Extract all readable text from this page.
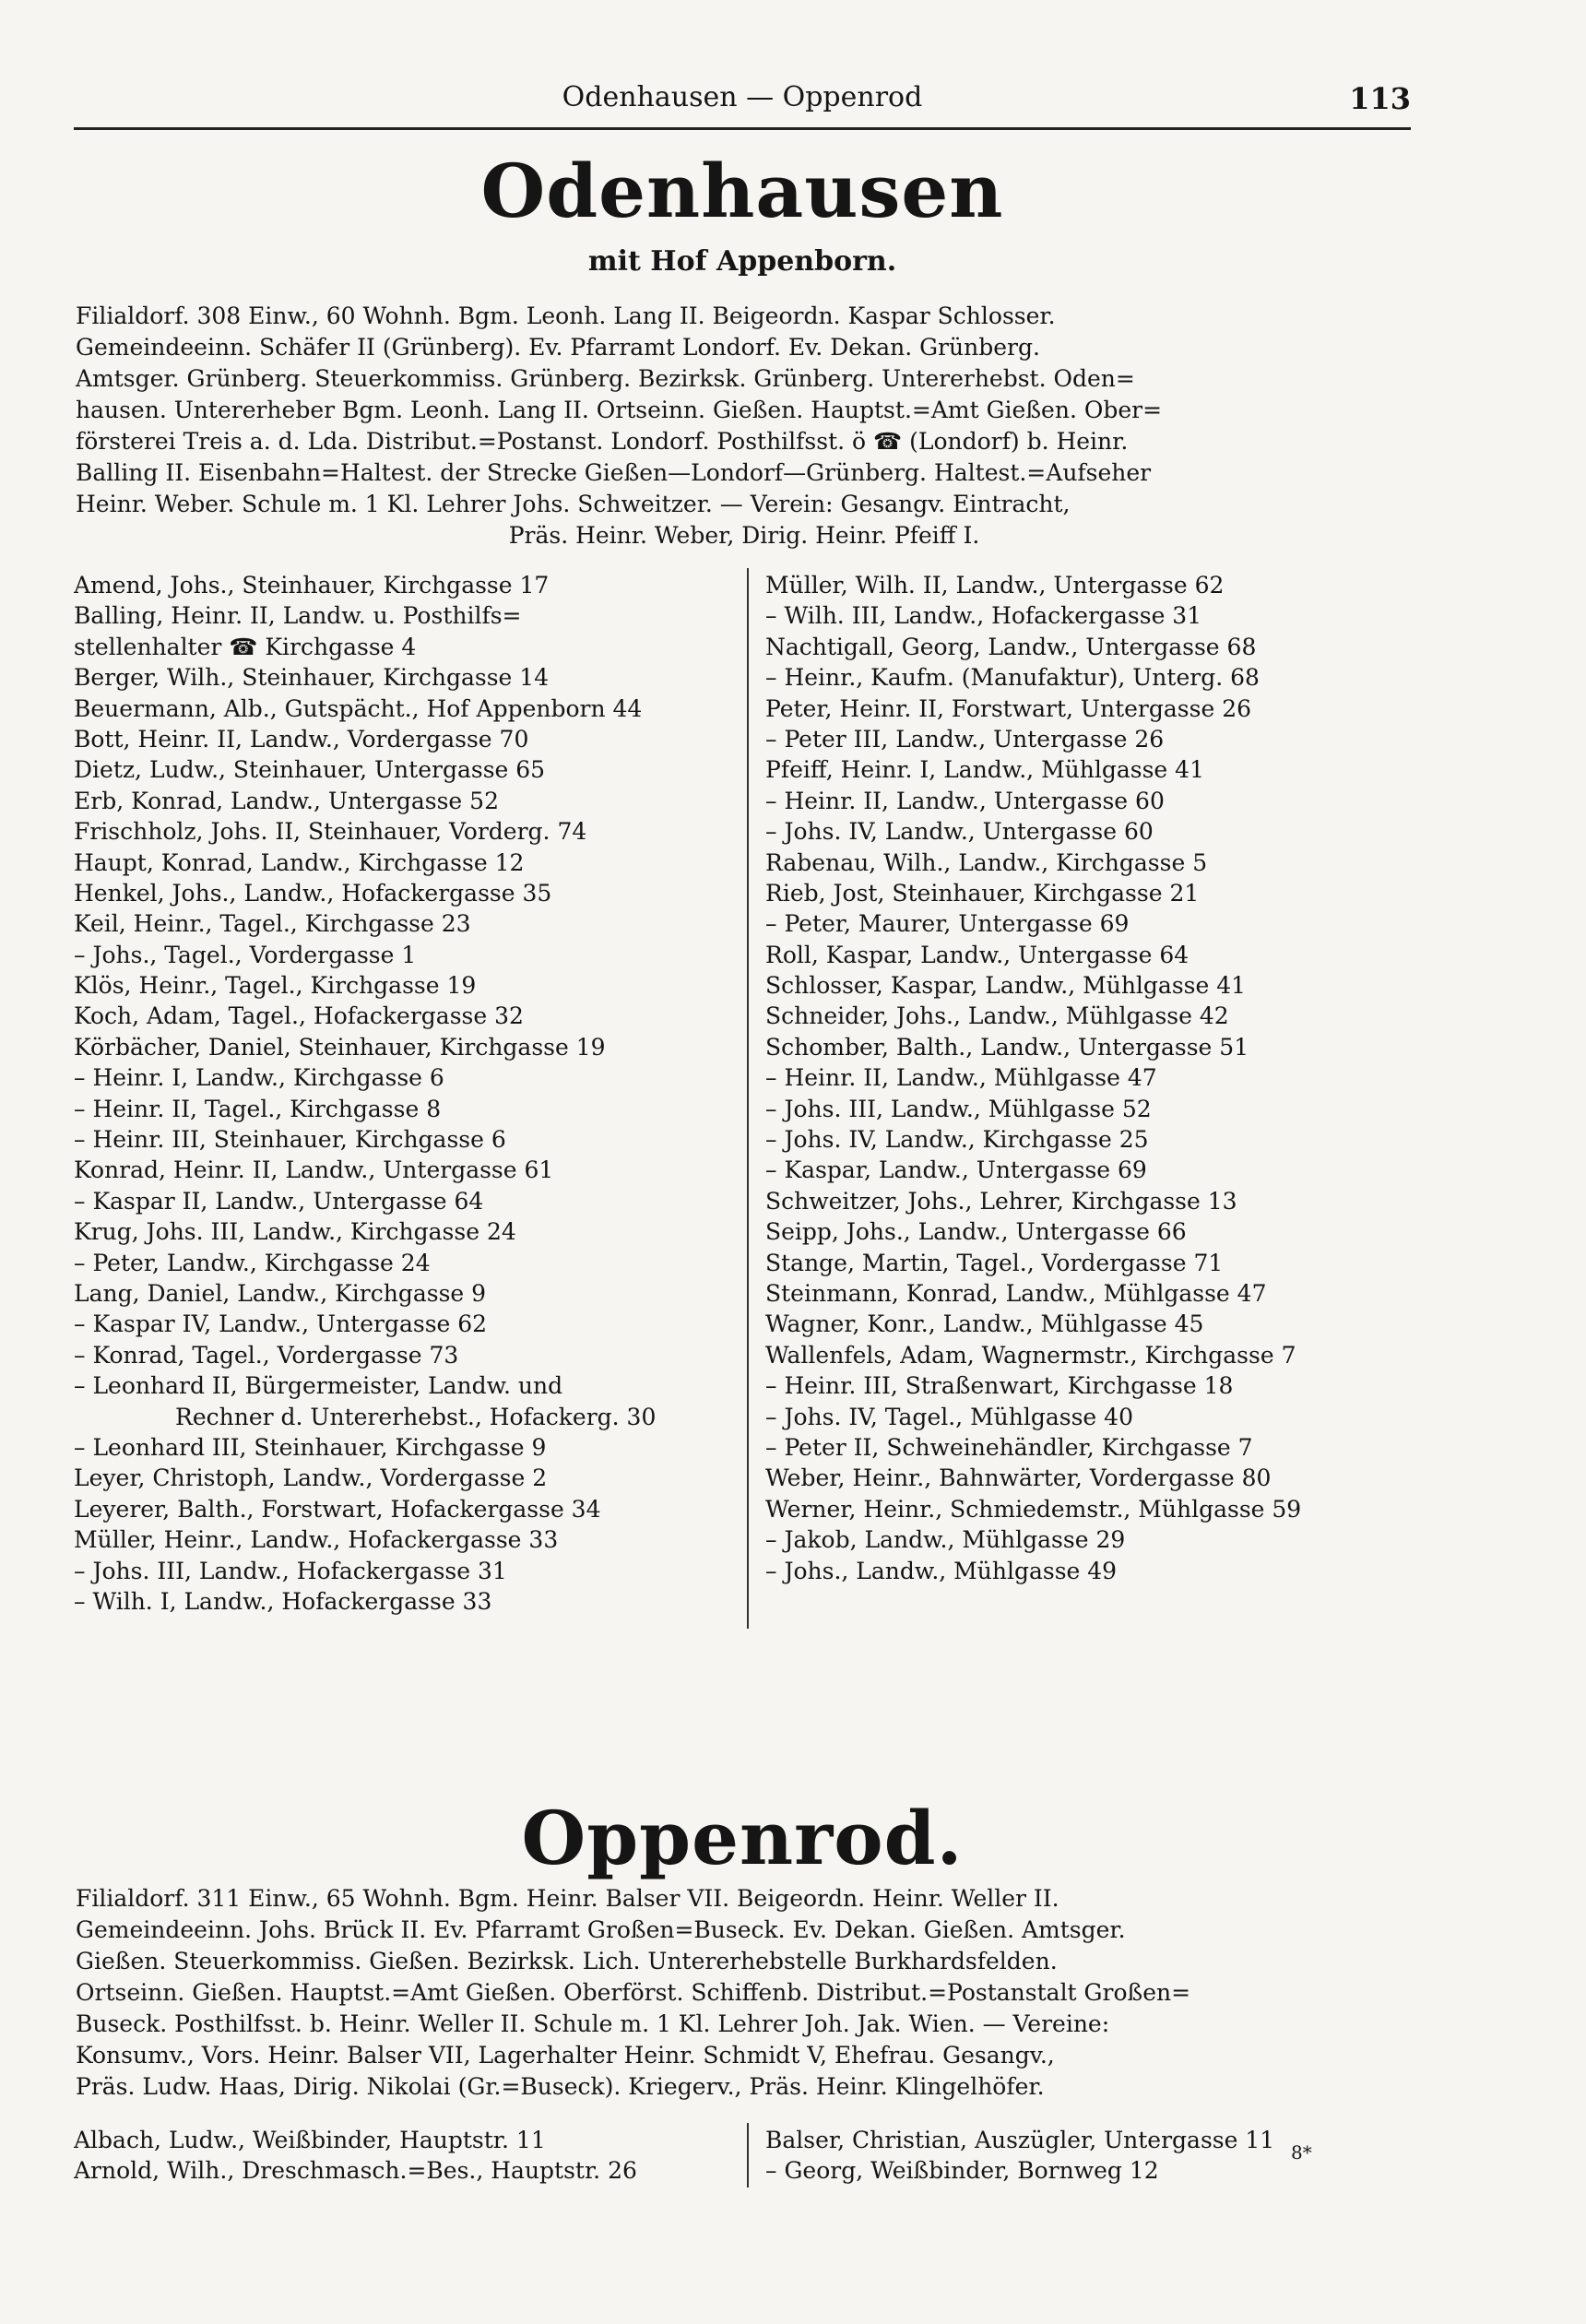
Odenhausen — Oppenrod	113
Odenhausen
mit Hof Appenborn.

Filialdorf. 308 Einw., 60 Wohnh. Bgm. Leonh. Lang II. Beigeordn. Kaspar Schlosser.

Gemeindeeinn. Schäfer II (Grünberg). Ev. Pfarramt Londorf. Ev. Dekan. Grünberg.

Amtsger. Grünberg. Steuerkommiss. Grünberg. Bezirksk. Grünberg. Untererhebst. Oden=

hausen. Untererheber Bgm. Leonh. Lang II. Ortseinn. Gießen. Hauptst.=Amt Gießen. Ober=

försterei Treis a. d. Lda. Distribut.=Postanst. Londorf. Posthilfsst. ö ☎ (Londorf) b. Heinr.

Balling II. Eisenbahn=Haltest. der Strecke Gießen—Londorf—Grünberg. Haltest.=Aufseher

Heinr. Weber. Schule m. 1 Kl. Lehrer Johs. Schweitzer. — Verein: Gesangv. Eintracht,

Präs. Heinr. Weber, Dirig. Heinr. Pfeiff I.

Amend, Johs., Steinhauer, Kirchgasse 17
Balling, Heinr. II, Landw. u. Posthilfs=
stellenhalter ☎ Kirchgasse 4
Berger, Wilh., Steinhauer, Kirchgasse 14
Beuermann, Alb., Gutspächt., Hof Appenborn 44
Bott, Heinr. II, Landw., Vordergasse 70
Dietz, Ludw., Steinhauer, Untergasse 65
Erb, Konrad, Landw., Untergasse 52
Frischholz, Johs. II, Steinhauer, Vorderg. 74
Haupt, Konrad, Landw., Kirchgasse 12
Henkel, Johs., Landw., Hofackergasse 35
Keil, Heinr., Tagel., Kirchgasse 23
– Johs., Tagel., Vordergasse 1
Klös, Heinr., Tagel., Kirchgasse 19
Koch, Adam, Tagel., Hofackergasse 32
Körbächer, Daniel, Steinhauer, Kirchgasse 19
– Heinr. I, Landw., Kirchgasse 6
– Heinr. II, Tagel., Kirchgasse 8
– Heinr. III, Steinhauer, Kirchgasse 6
Konrad, Heinr. II, Landw., Untergasse 61
– Kaspar II, Landw., Untergasse 64
Krug, Johs. III, Landw., Kirchgasse 24
– Peter, Landw., Kirchgasse 24
Lang, Daniel, Landw., Kirchgasse 9
– Kaspar IV, Landw., Untergasse 62
– Konrad, Tagel., Vordergasse 73
– Leonhard II, Bürgermeister, Landw. und
Rechner d. Untererhebst., Hofackerg. 30
– Leonhard III, Steinhauer, Kirchgasse 9
Leyer, Christoph, Landw., Vordergasse 2
Leyerer, Balth., Forstwart, Hofackergasse 34
Müller, Heinr., Landw., Hofackergasse 33
– Johs. III, Landw., Hofackergasse 31
– Wilh. I, Landw., Hofackergasse 33
Müller, Wilh. II, Landw., Untergasse 62
– Wilh. III, Landw., Hofackergasse 31
Nachtigall, Georg, Landw., Untergasse 68
– Heinr., Kaufm. (Manufaktur), Unterg. 68
Peter, Heinr. II, Forstwart, Untergasse 26
– Peter III, Landw., Untergasse 26
Pfeiff, Heinr. I, Landw., Mühlgasse 41
– Heinr. II, Landw., Untergasse 60
– Johs. IV, Landw., Untergasse 60
Rabenau, Wilh., Landw., Kirchgasse 5
Rieb, Jost, Steinhauer, Kirchgasse 21
– Peter, Maurer, Untergasse 69
Roll, Kaspar, Landw., Untergasse 64
Schlosser, Kaspar, Landw., Mühlgasse 41
Schneider, Johs., Landw., Mühlgasse 42
Schomber, Balth., Landw., Untergasse 51
– Heinr. II, Landw., Mühlgasse 47
– Johs. III, Landw., Mühlgasse 52
– Johs. IV, Landw., Kirchgasse 25
– Kaspar, Landw., Untergasse 69
Schweitzer, Johs., Lehrer, Kirchgasse 13
Seipp, Johs., Landw., Untergasse 66
Stange, Martin, Tagel., Vordergasse 71
Steinmann, Konrad, Landw., Mühlgasse 47
Wagner, Konr., Landw., Mühlgasse 45
Wallenfels, Adam, Wagnermstr., Kirchgasse 7
– Heinr. III, Straßenwart, Kirchgasse 18
– Johs. IV, Tagel., Mühlgasse 40
– Peter II, Schweinehändler, Kirchgasse 7
Weber, Heinr., Bahnwärter, Vordergasse 80
Werner, Heinr., Schmiedemstr., Mühlgasse 59
– Jakob, Landw., Mühlgasse 29
– Johs., Landw., Mühlgasse 49
Oppenrod.

Filialdorf. 311 Einw., 65 Wohnh. Bgm. Heinr. Balser VII. Beigeordn. Heinr. Weller II.

Gemeindeeinn. Johs. Brück II. Ev. Pfarramt Großen=Buseck. Ev. Dekan. Gießen. Amtsger.

Gießen. Steuerkommiss. Gießen. Bezirksk. Lich. Untererhebstelle Burkhardsfelden.

Ortseinn. Gießen. Hauptst.=Amt Gießen. Oberförst. Schiffenb. Distribut.=Postanstalt Großen=

Buseck. Posthilfsst. b. Heinr. Weller II. Schule m. 1 Kl. Lehrer Joh. Jak. Wien. — Vereine:

Konsumv., Vors. Heinr. Balser VII, Lagerhalter Heinr. Schmidt V, Ehefrau. Gesangv.,

Präs. Ludw. Haas, Dirig. Nikolai (Gr.=Buseck). Kriegerv., Präs. Heinr. Klingelhöfer.

Albach, Ludw., Weißbinder, Hauptstr. 11
Arnold, Wilh., Dreschmasch.=Bes., Hauptstr. 26
Balser, Christian, Auszügler, Untergasse 11
– Georg, Weißbinder, Bornweg 12
8*
